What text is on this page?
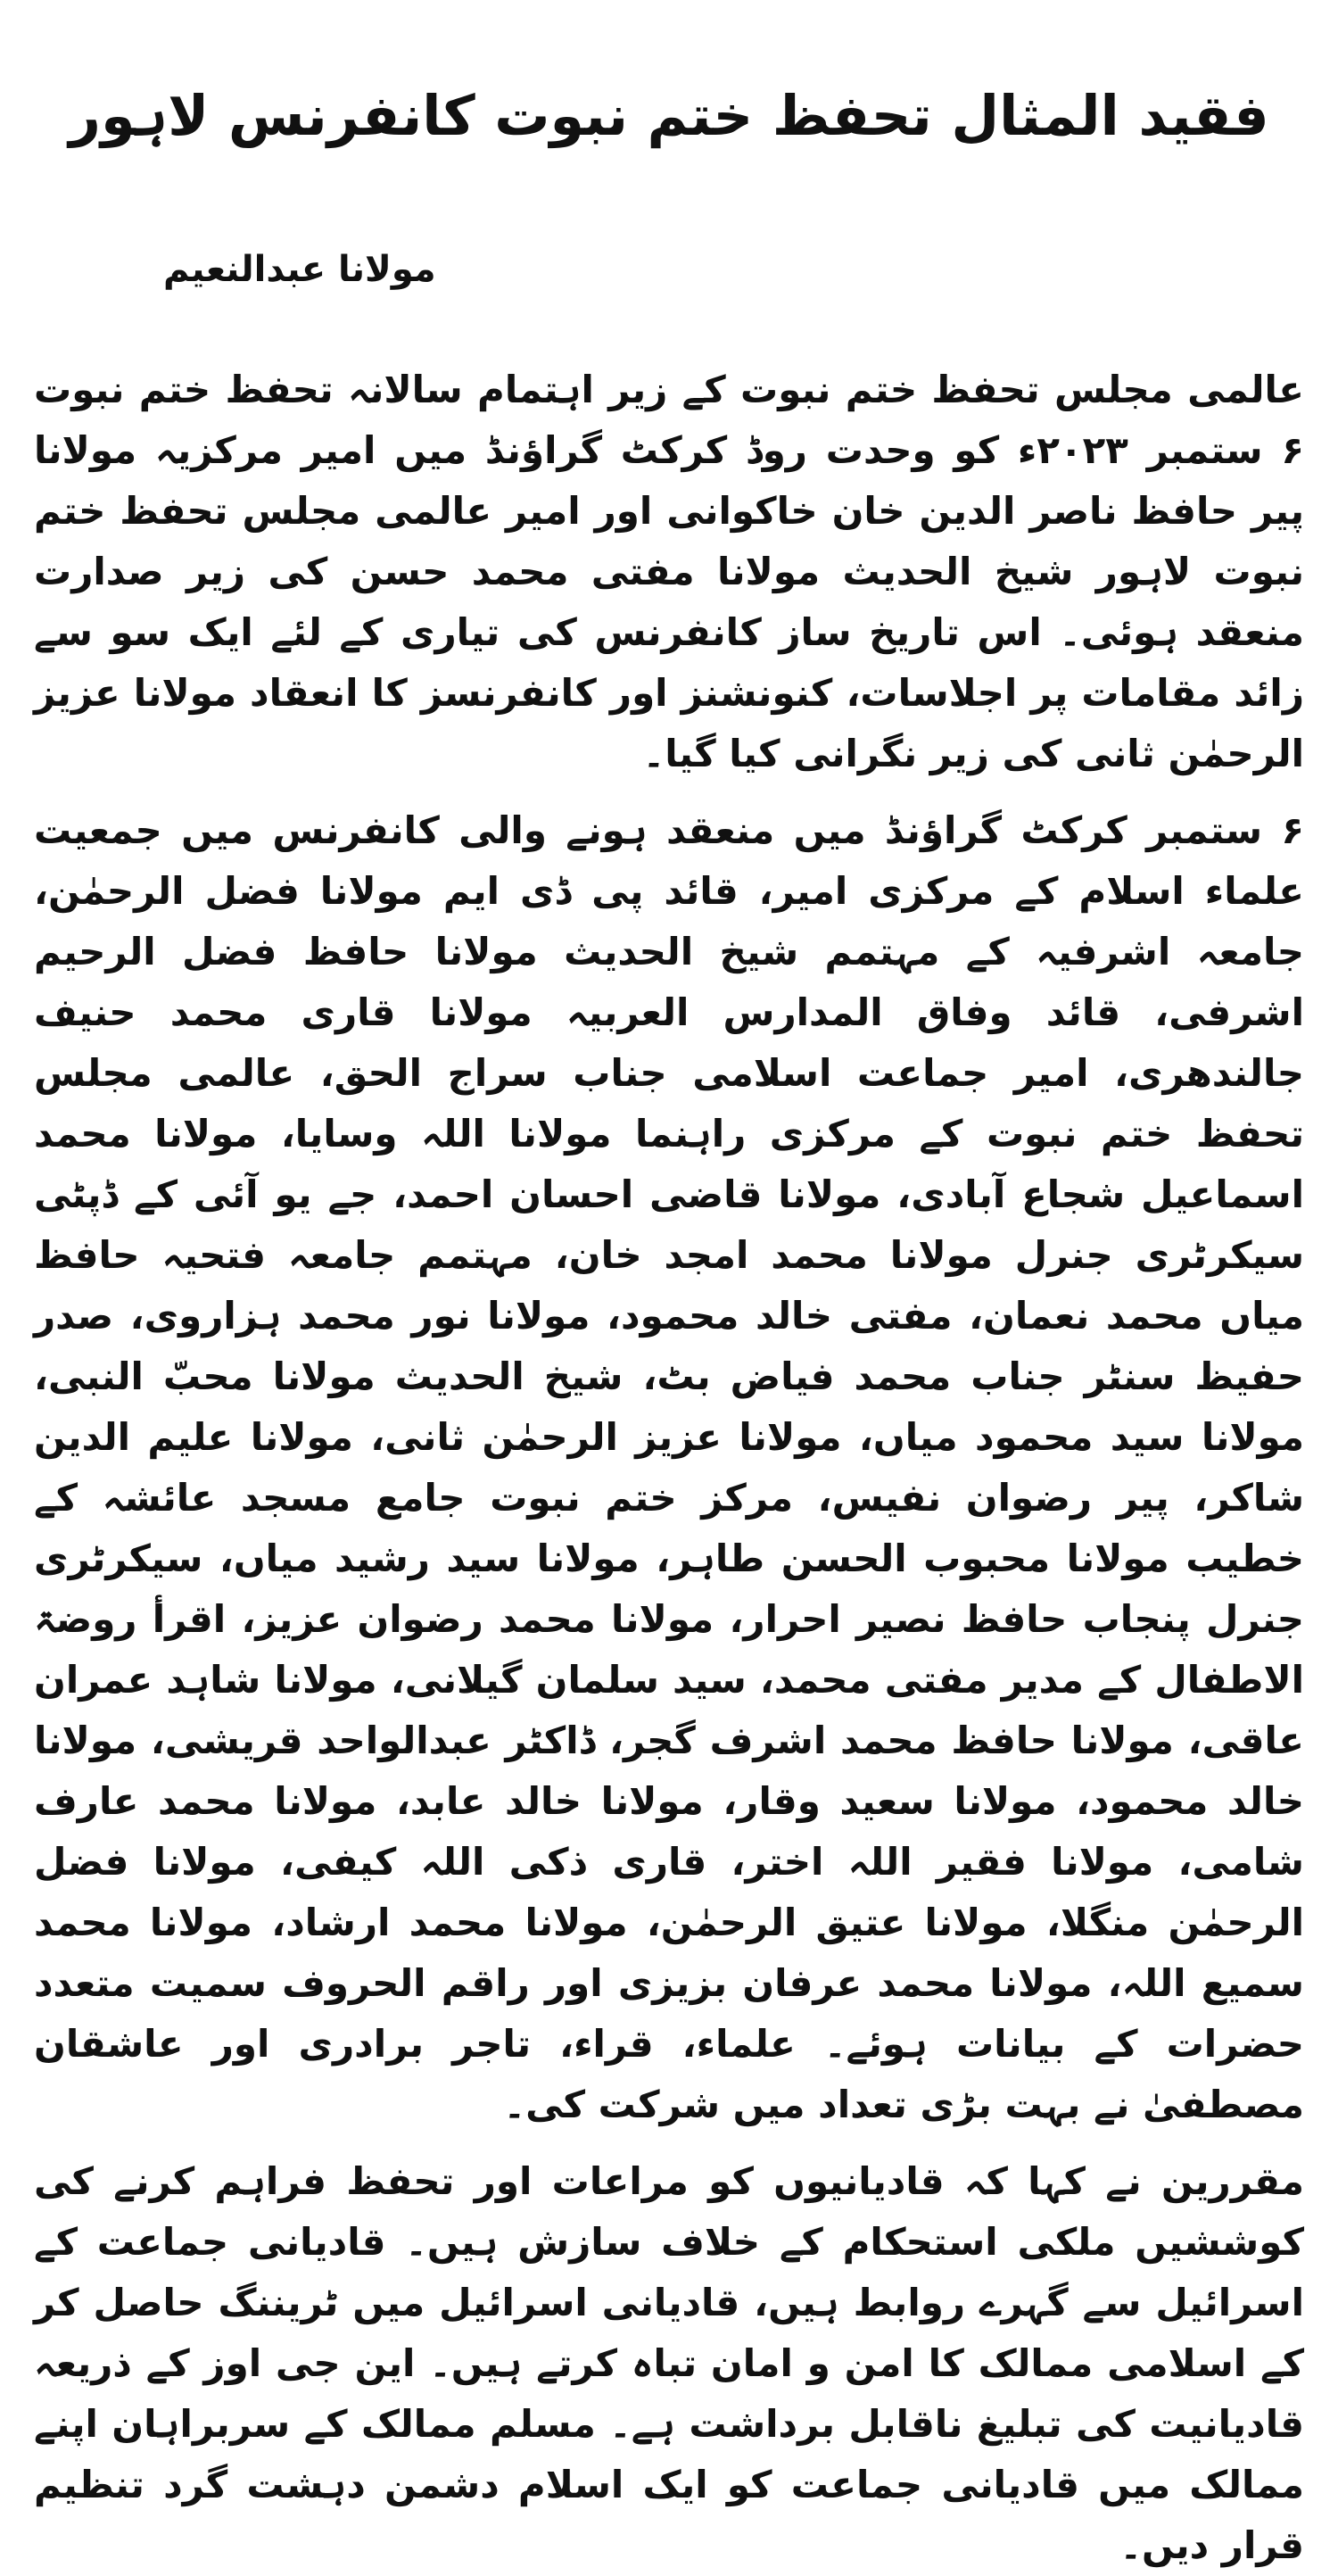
فقید المثال تحفظ ختم نبوت کانفرنس لاہور
مولانا عبدالنعیم

عالمی مجلس تحفظ ختم نبوت کے زیر اہتمام سالانہ تحفظ ختم نبوت ۶ ستمبر ۲۰۲۳ء کو وحدت روڈ کرکٹ گراؤنڈ میں امیر مرکزیہ مولانا پیر حافظ ناصر الدین خان خاکوانی اور امیر عالمی مجلس تحفظ ختم نبوت لاہور شیخ الحدیث مولانا مفتی محمد حسن کی زیر صدارت منعقد ہوئی۔ اس تاریخ ساز کانفرنس کی تیاری کے لئے ایک سو سے زائد مقامات پر اجلاسات، کنونشنز اور کانفرنسز کا انعقاد مولانا عزیز الرحمٰن ثانی کی زیر نگرانی کیا گیا۔

۶ ستمبر کرکٹ گراؤنڈ میں منعقد ہونے والی کانفرنس میں جمعیت علماء اسلام کے مرکزی امیر، قائد پی ڈی ایم مولانا فضل الرحمٰن، جامعہ اشرفیہ کے مہتمم شیخ الحدیث مولانا حافظ فضل الرحیم اشرفی، قائد وفاق المدارس العربیہ مولانا قاری محمد حنیف جالندھری، امیر جماعت اسلامی جناب سراج الحق، عالمی مجلس تحفظ ختم نبوت کے مرکزی راہنما مولانا اللہ وسایا، مولانا محمد اسماعیل شجاع آبادی، مولانا قاضی احسان احمد، جے یو آئی کے ڈپٹی سیکرٹری جنرل مولانا محمد امجد خان، مہتمم جامعہ فتحیہ حافظ میاں محمد نعمان، مفتی خالد محمود، مولانا نور محمد ہزاروی، صدر حفیظ سنٹر جناب محمد فیاض بٹ، شیخ الحدیث مولانا محبّ النبی، مولانا سید محمود میاں، مولانا عزیز الرحمٰن ثانی، مولانا علیم الدین شاکر، پیر رضوان نفیس، مرکز ختم نبوت جامع مسجد عائشہ کے خطیب مولانا محبوب الحسن طاہر، مولانا سید رشید میاں، سیکرٹری جنرل پنجاب حافظ نصیر احرار، مولانا محمد رضوان عزیز، اقرأ روضۃ الاطفال کے مدیر مفتی محمد، سید سلمان گیلانی، مولانا شاہد عمران عاقی، مولانا حافظ محمد اشرف گجر، ڈاکٹر عبدالواحد قریشی، مولانا خالد محمود، مولانا سعید وقار، مولانا خالد عابد، مولانا محمد عارف شامی، مولانا فقیر اللہ اختر، قاری ذکی اللہ کیفی، مولانا فضل الرحمٰن منگلا، مولانا عتیق الرحمٰن، مولانا محمد ارشاد، مولانا محمد سمیع اللہ، مولانا محمد عرفان بزیزی اور راقم الحروف سمیت متعدد حضرات کے بیانات ہوئے۔ علماء، قراء، تاجر برادری اور عاشقان مصطفیٰ نے بہت بڑی تعداد میں شرکت کی۔

مقررین نے کہا کہ قادیانیوں کو مراعات اور تحفظ فراہم کرنے کی کوششیں ملکی استحکام کے خلاف سازش ہیں۔ قادیانی جماعت کے اسرائیل سے گہرے روابط ہیں، قادیانی اسرائیل میں ٹریننگ حاصل کر کے اسلامی ممالک کا امن و امان تباہ کرتے ہیں۔ این جی اوز کے ذریعہ قادیانیت کی تبلیغ ناقابل برداشت ہے۔ مسلم ممالک کے سربراہان اپنے ممالک میں قادیانی جماعت کو ایک اسلام دشمن دہشت گرد تنظیم قرار دیں۔
